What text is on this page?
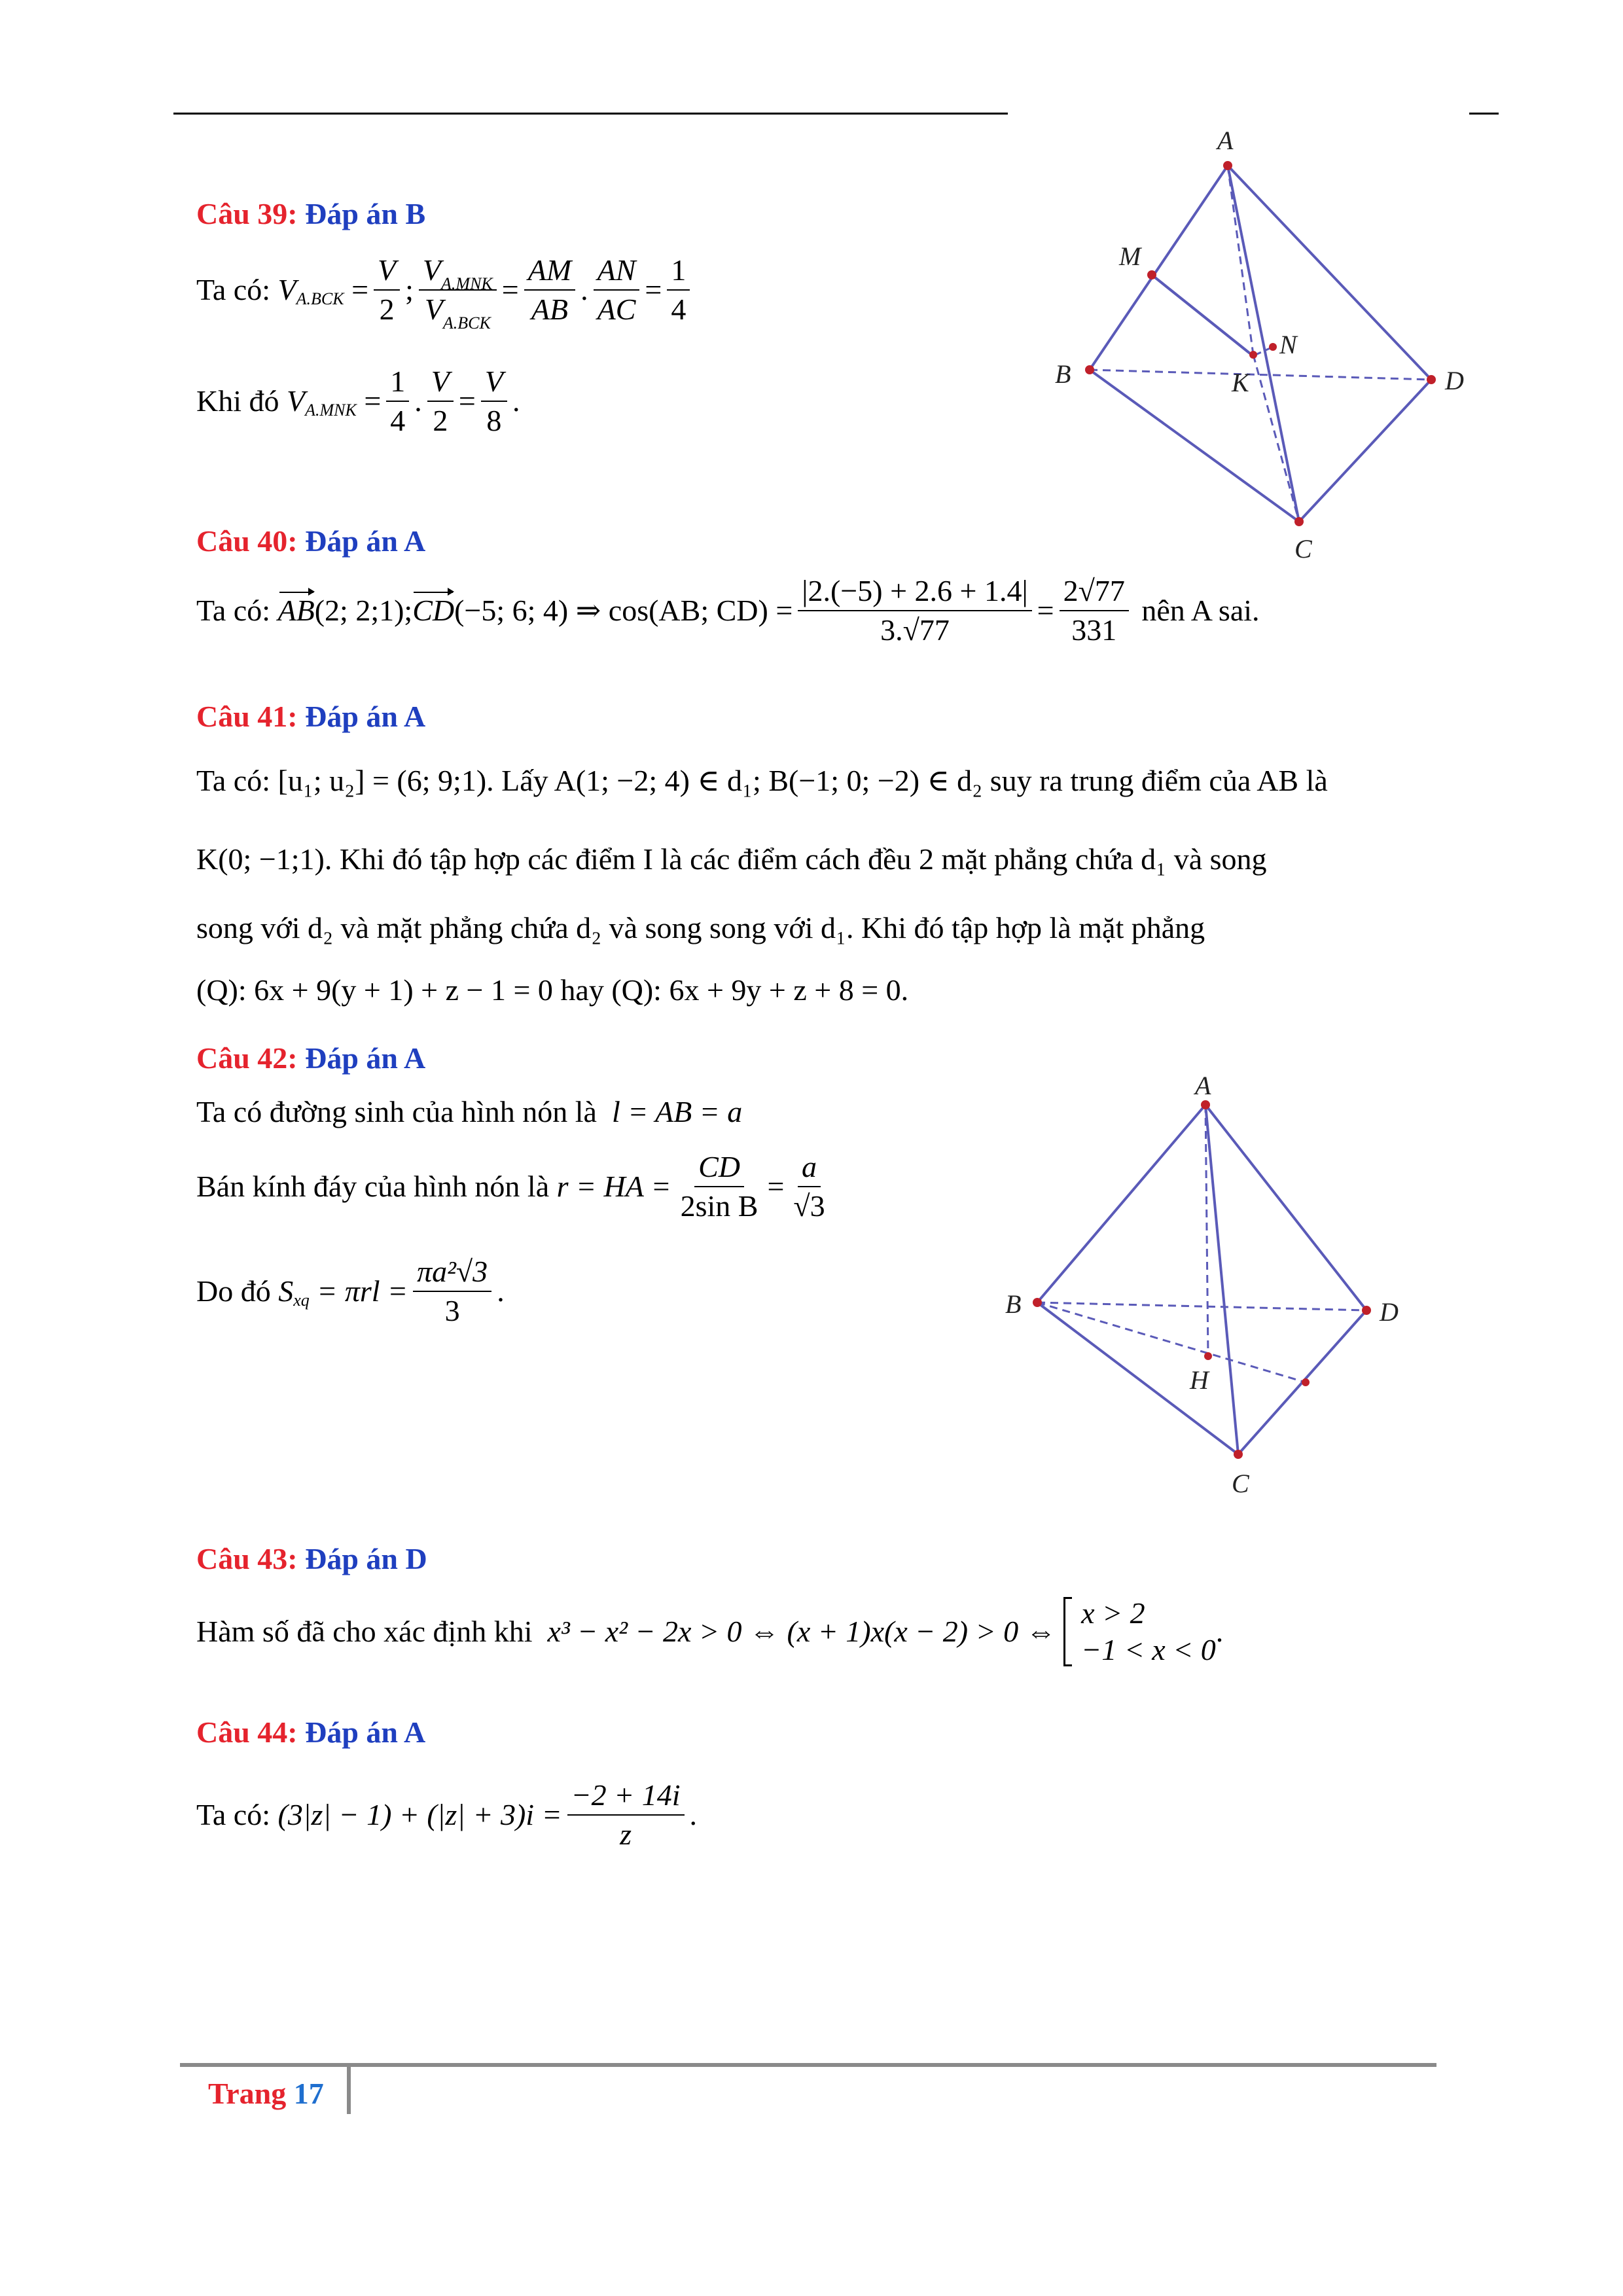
Câu 39: Đáp án B
Ta có:
V $A.BCK = \frac{V}{2}$ ; $\frac{V_{A.MNK}}{V_{A.BCK}} = \frac{AM}{AB}$ . $\frac{AN}{AC} = \frac{1}{4}$
Khi đó
V $A.MNK = \frac{1}{4}$ . $\frac{V}{2} = \frac{V}{8}$ .
A
B
C
D
M
N
K
Câu 40: Đáp án A
Ta có:
AB (2; 2;1) ; CD (−5; 6; 4)
⇒ cos(AB; $CD) = \frac{|2.(-5) + 2.6 + 1.4|}{3.√77} = \frac{2√77}{331}$
nên A sai.
Câu 41: Đáp án A
Ta có: [u₁; u₂] = (6; 9;1). Lấy A(1; −2; 4) ∈ d₁; B(−1; 0; −2) ∈ d₂ suy ra trung điểm của AB là
K(0; −1;1). Khi đó tập hợp các điểm I là các điểm cách đều 2 mặt phẳng chứa d₁ và song
song với d₂ và mặt phẳng chứa d₂ và song song với d₁. Khi đó tập hợp là mặt phẳng
(Q): 6x + 9(y + 1) + z − 1 = 0 hay (Q): 6x + 9y + z + 8 = 0.
Câu 42: Đáp án A
Ta có đường sinh của hình nón là l = AB = a
Bán kính đáy của hình nón là
r = HA = $\frac{CD}{\text{2sin B}} = \frac{a}{√3}$
Do đó
S xq
= $\pi rl = \frac{\text{πa²√3}}{3}$ .
A
B
C
D
H
Câu 43: Đáp án D
Hàm số đã cho xác định khi
x³ − x² − 2x > 0 ⇔ (x + 1)x(x − 2) > 0 ⇔

x > 2
−1 < x < 0
.
Câu 44: Đáp án A
Ta có:
$(3|z| - 1) + (|z| + 3)i = \frac{-2 + 14i}{z}$ .
Trang 17
